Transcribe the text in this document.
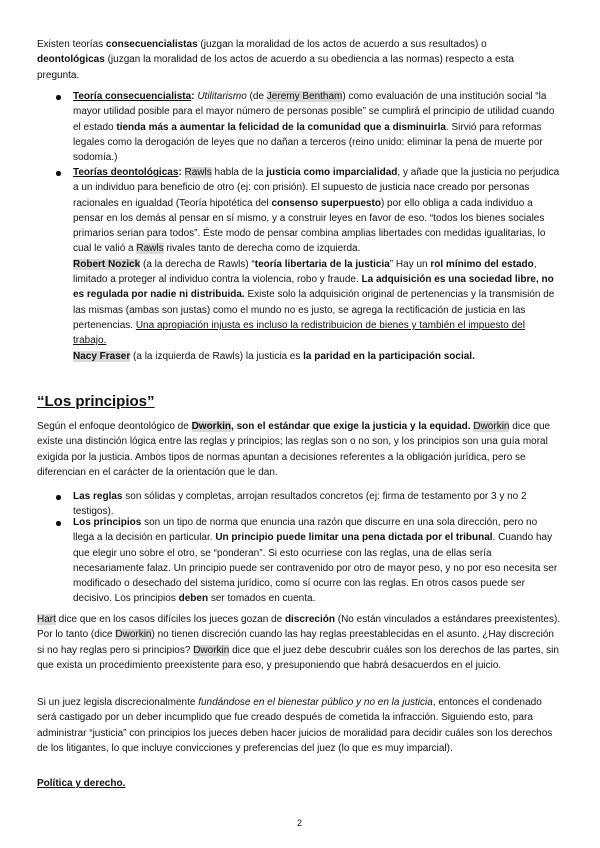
Existen teorías consecuencialistas (juzgan la moralidad de los actos de acuerdo a sus resultados) o deontológicas (juzgan la moralidad de los actos de acuerdo a su obediencia a las normas) respecto a esta pregunta.
Teoría consecuencialista: Utilitarismo (de Jeremy Bentham) como evaluación de una institución social “la mayor utilidad posible para el mayor número de personas posible” se cumplirá el principio de utilidad cuando el estado tienda más a aumentar la felicidad de la comunidad que a disminuirla. Sirvió para reformas legales como la derogación de leyes que no dañan a terceros (reino unido: eliminar la pena de muerte por sodomía.)
Teorías deontológicas: Rawls habla de la justicia como imparcialidad, y añade que la justicia no perjudica a un individuo para beneficio de otro (ej: con prisión). El supuesto de justicia nace creado por personas racionales en igualdad (Teoría hipotética del consenso superpuesto) por ello obliga a cada individuo a pensar en los demás al pensar en sí mismo, y a construir leyes en favor de eso. “todos los bienes sociales primarios serian para todos”. Éste modo de pensar combina amplias libertades con medidas igualitarias, lo cual le valió a Rawls rivales tanto de derecha como de izquierda.
Robert Nozick (a la derecha de Rawls) “teoría libertaria de la justicia” Hay un rol mínimo del estado, limitado a proteger al individuo contra la violencia, robo y fraude. La adquisición es una sociedad libre, no es regulada por nadie ni distribuida. Existe solo la adquisición original de pertenencias y la transmisión de las mismas (ambas son justas) como el mundo no es justo, se agrega la rectificación de justicia en las pertenencias. Una apropiación injusta es incluso la redistribuicion de bienes y también el impuesto del trabajo.
Nacy Fraser (a la izquierda de Rawls) la justicia es la paridad en la participación social.
“Los principios”
Según el enfoque deontológico de Dworkin, son el estándar que exige la justicia y la equidad. Dworkin dice que existe una distinción lógica entre las reglas y principios; las reglas son o no son, y los principios son una guía moral exigida por la justicia. Ambos tipos de normas apuntan a decisiones referentes a la obligación jurídica, pero se diferencian en el carácter de la orientación que le dan.
Las reglas son sólidas y completas, arrojan resultados concretos (ej: firma de testamento por 3 y no 2 testigos).
Los principios son un tipo de norma que enuncia una razón que discurre en una sola dirección, pero no llega a la decisión en particular. Un principio puede limitar una pena dictada por el tribunal. Cuando hay que elegir uno sobre el otro, se “ponderan”. Si esto ocurriese con las reglas, una de ellas sería necesariamente falaz. Un principio puede ser contravenido por otro de mayor peso, y no por eso necesita ser modificado o desechado del sistema jurídico, como sí ocurre con las reglas. En otros casos puede ser decisivo. Los principios deben ser tomados en cuenta.
Hart dice que en los casos difíciles los jueces gozan de discreción (No están vinculados a estándares preexistentes). Por lo tanto (dice Dworkin) no tienen discreción cuando las hay reglas preestablecidas en el asunto. ¿Hay discreción si no hay reglas pero si principios? Dworkin dice que el juez debe descubrir cuáles son los derechos de las partes, sin que exista un procedimiento preexistente para eso, y presuponiendo que habrá desacuerdos en el juicio.
Si un juez legisla discrecionalmente fundándose en el bienestar público y no en la justicia, entonces el condenado será castigado por un deber incumplido que fue creado después de cometida la infracción. Siguiendo esto, para administrar “justicia” con principios los jueces deben hacer juicios de moralidad para decidir cuáles son los derechos de los litigantes, lo que incluye convicciones y preferencias del juez (lo que es muy imparcial).
Política y derecho.
2
